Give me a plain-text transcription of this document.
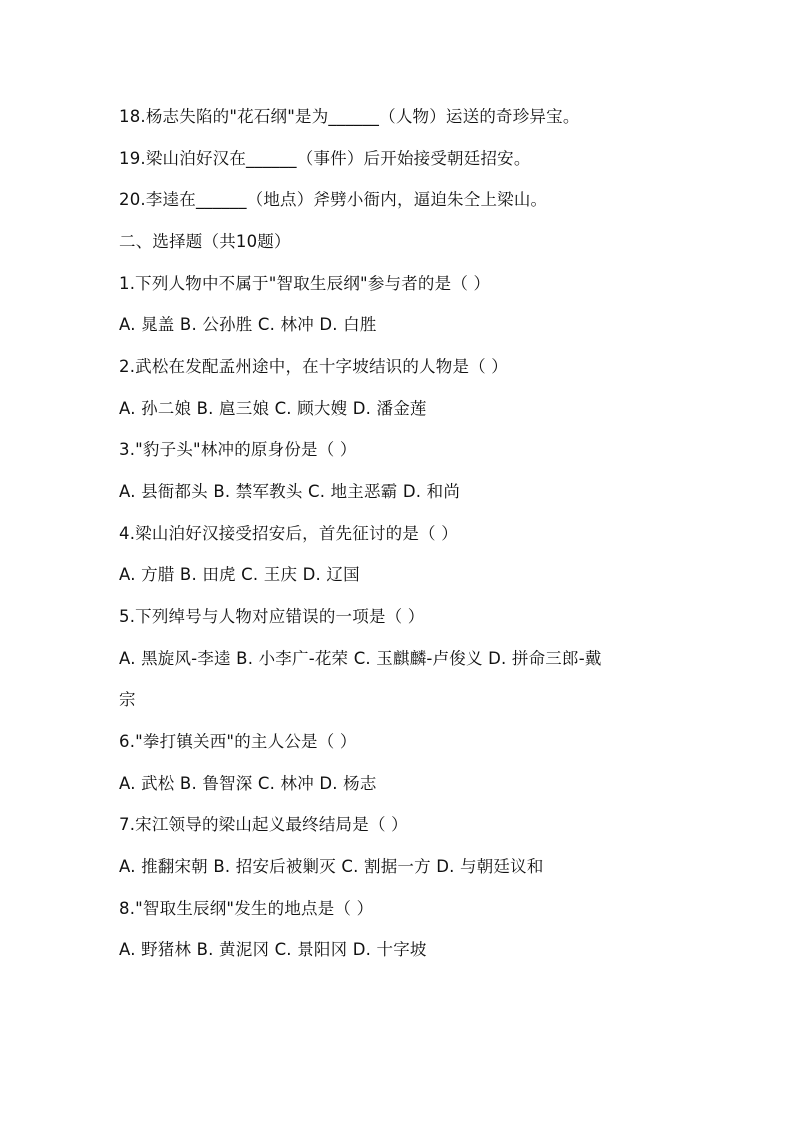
18.杨志失陷的"花石纲"是为______（人物）运送的奇珍异宝。
19.梁山泊好汉在______（事件）后开始接受朝廷招安。
20.李逵在______（地点）斧劈小衙内，逼迫朱仝上梁山。
二、选择题（共10题）
1.下列人物中不属于"智取生辰纲"参与者的是（ ）
A. 晁盖 B. 公孙胜 C. 林冲 D. 白胜
2.武松在发配孟州途中，在十字坡结识的人物是（ ）
A. 孙二娘 B. 扈三娘 C. 顾大嫂 D. 潘金莲
3."豹子头"林冲的原身份是（ ）
A. 县衙都头 B. 禁军教头 C. 地主恶霸 D. 和尚
4.梁山泊好汉接受招安后，首先征讨的是（ ）
A. 方腊 B. 田虎 C. 王庆 D. 辽国
5.下列绰号与人物对应错误的一项是（ ）
A. 黑旋风-李逵 B. 小李广-花荣 C. 玉麒麟-卢俊义 D. 拼命三郎-戴
宗
6."拳打镇关西"的主人公是（ ）
A. 武松 B. 鲁智深 C. 林冲 D. 杨志
7.宋江领导的梁山起义最终结局是（ ）
A. 推翻宋朝 B. 招安后被剿灭 C. 割据一方 D. 与朝廷议和
8."智取生辰纲"发生的地点是（ ）
A. 野猪林 B. 黄泥冈 C. 景阳冈 D. 十字坡
